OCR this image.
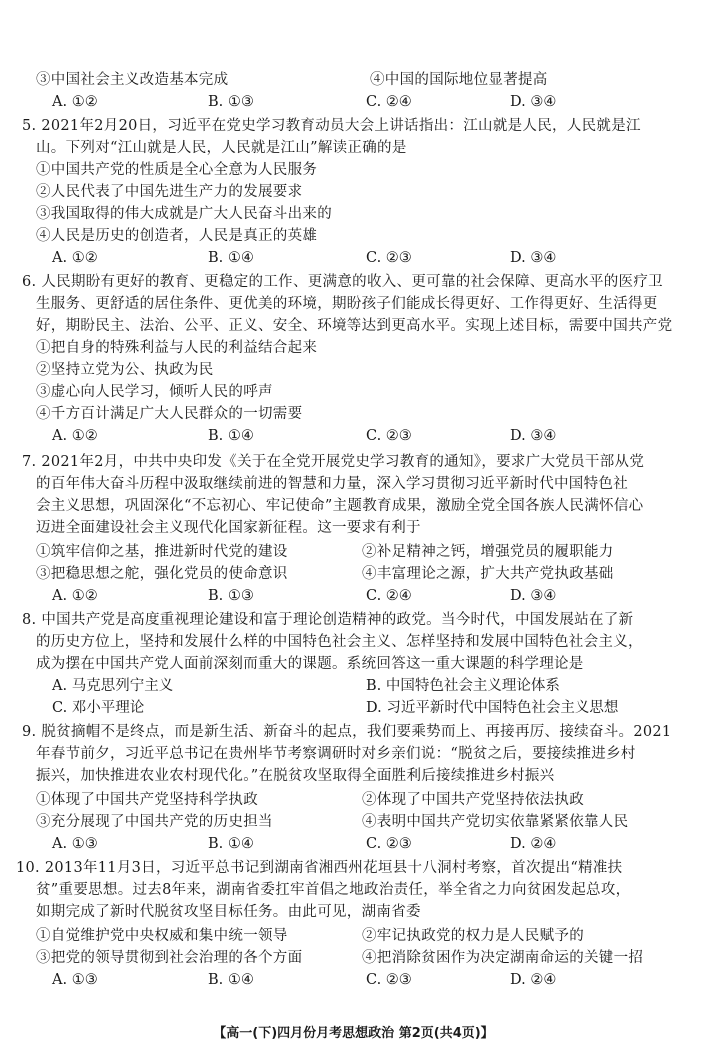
③中国社会主义改造基本完成	④中国的国际地位显著提高
A. ①②	B. ①③	C. ②④	D. ③④
5. 2021年2月20日，习近平在党史学习教育动员大会上讲话指出：江山就是人民，人民就是江
山。下列对“江山就是人民，人民就是江山”解读正确的是
①中国共产党的性质是全心全意为人民服务
②人民代表了中国先进生产力的发展要求
③我国取得的伟大成就是广大人民奋斗出来的
④人民是历史的创造者，人民是真正的英雄
A. ①②	B. ①④	C. ②③	D. ③④
6. 人民期盼有更好的教育、更稳定的工作、更满意的收入、更可靠的社会保障、更高水平的医疗卫
生服务、更舒适的居住条件、更优美的环境，期盼孩子们能成长得更好、工作得更好、生活得更
好，期盼民主、法治、公平、正义、安全、环境等达到更高水平。实现上述目标，需要中国共产党
①把自身的特殊利益与人民的利益结合起来
②坚持立党为公、执政为民
③虚心向人民学习，倾听人民的呼声
④千方百计满足广大人民群众的一切需要
A. ①②	B. ①④	C. ②③	D. ③④
7. 2021年2月，中共中央印发《关于在全党开展党史学习教育的通知》，要求广大党员干部从党
的百年伟大奋斗历程中汲取继续前进的智慧和力量，深入学习贯彻习近平新时代中国特色社
会主义思想，巩固深化“不忘初心、牢记使命”主题教育成果，激励全党全国各族人民满怀信心
迈进全面建设社会主义现代化国家新征程。这一要求有利于
①筑牢信仰之基，推进新时代党的建设	②补足精神之钙，增强党员的履职能力
③把稳思想之舵，强化党员的使命意识	④丰富理论之源，扩大共产党执政基础
A. ①②	B. ①③	C. ②④	D. ③④
8. 中国共产党是高度重视理论建设和富于理论创造精神的政党。当今时代，中国发展站在了新
的历史方位上，坚持和发展什么样的中国特色社会主义、怎样坚持和发展中国特色社会主义，
成为摆在中国共产党人面前深刻而重大的课题。系统回答这一重大课题的科学理论是
A. 马克思列宁主义	B. 中国特色社会主义理论体系
C. 邓小平理论	D. 习近平新时代中国特色社会主义思想
9. 脱贫摘帽不是终点，而是新生活、新奋斗的起点，我们要乘势而上、再接再厉、接续奋斗。2021
年春节前夕，习近平总书记在贵州毕节考察调研时对乡亲们说：“脱贫之后，要接续推进乡村
振兴，加快推进农业农村现代化。”在脱贫攻坚取得全面胜利后接续推进乡村振兴
①体现了中国共产党坚持科学执政	②体现了中国共产党坚持依法执政
③充分展现了中国共产党的历史担当	④表明中国共产党切实依靠紧紧依靠人民
A. ①③	B. ①④	C. ②③	D. ②④
10. 2013年11月3日，习近平总书记到湖南省湘西州花垣县十八洞村考察，首次提出“精准扶
贫”重要思想。过去8年来，湖南省委扛牢首倡之地政治责任，举全省之力向贫困发起总攻，
如期完成了新时代脱贫攻坚目标任务。由此可见，湖南省委
①自觉维护党中央权威和集中统一领导	②牢记执政党的权力是人民赋予的
③把党的领导贯彻到社会治理的各个方面	④把消除贫困作为决定湖南命运的关键一招
A. ①③	B. ①④	C. ②③	D. ②④
【高一(下)四月份月考思想政治 第2页(共4页)】
